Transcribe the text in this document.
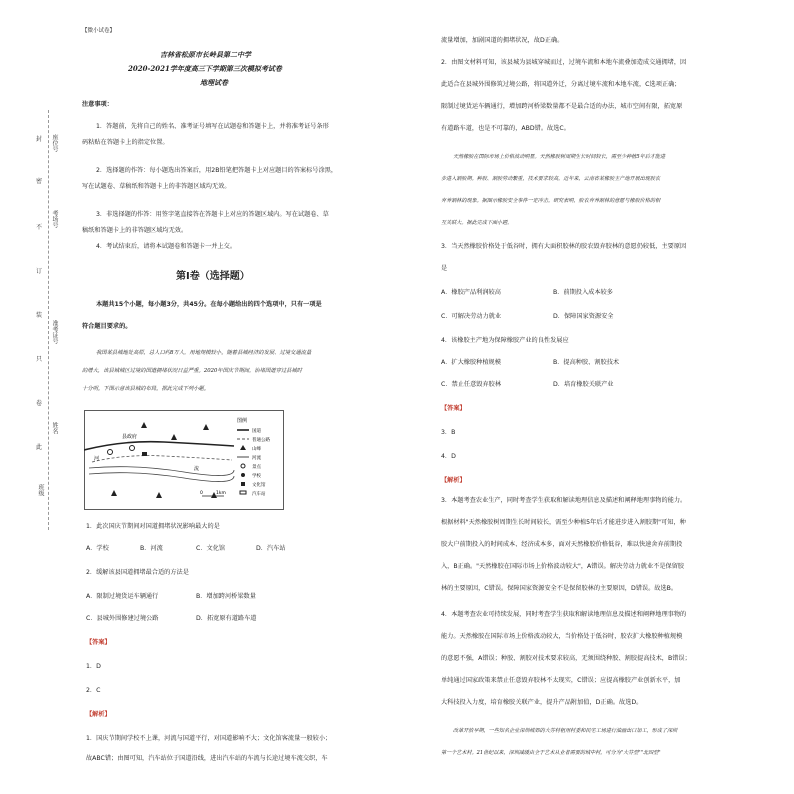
【微小试卷】
吉林省松原市长岭县第二中学
2020-2021学年度高三下学期第三次模拟考试卷
地理试卷
封
密
不
订
装
只
卷
此
座位号
考场号
准考证号
姓名
班级
注意事项：
1．答题前，先将自己的姓名、准考证号填写在试题卷和答题卡上，并将准考证号条形
码粘贴在答题卡上的指定位置。
2．选择题的作答：每小题选出答案后，用2B铅笔把答题卡上对应题目的答案标号涂黑，
写在试题卷、草稿纸和答题卡上的非答题区域均无效。
3．非选择题的作答：用签字笔直接答在答题卡上对应的答题区域内。写在试题卷、草
稿纸和答题卡上的非答题区域均无效。
4．考试结束后，请将本试题卷和答题卡一并上交。
第Ⅰ卷（选择题）
本题共15个小题，每小题3分，共45分。在每小题给出的四个选项中，只有一项是
符合题目要求的。
我国某县城地处高原，总人口约8万人，用地规模较小。随着县城经济的发展、过境交通流量
的增大，该县城城区过境的国道拥堵状况日益严重。2020年国庆节期间，治堵国道穿过县城时
十分明。下图示意该县城的布局。据此完成下列小题。
县政府
河
流
0	1km
图例
国道
普通公路
山峰
河流
景点
学校
文化馆
汽车站
1．此次国庆节期间对国道拥堵状况影响最大的是
A．学校	B．河流	C．文化馆	D．汽车站
2．缓解该县国道拥堵最合适的方法是
A．限制过境货运车辆通行	B．增加跨河桥梁数量
C．县城外围修建过境公路	D．拓宽原有道路车道
【答案】
1．D
2．C
【解析】
1．国庆节期间学校不上课，河流与国道平行，对国道影响不大；文化馆客流量一般较小；
故ABC错；由图可知，汽车站位于国道沿线，进出汽车站的车流与长途过境车流交织，车
流量增加，加剧国道的拥堵状况，故D正确。
2．由图文材料可知，该县城为县城穿城而过，过境车流和本地车流叠加造成交通拥堵，因
此适合在县城外围修筑过境公路，将国道外迁，分离过境车流和本地车流，C选项正确；
限制过境货运车辆通行，增加跨河桥梁数量都不是最合适的办法，城市空间有限，拓宽原
有道路车道，也是不可靠的，ABD错。故选C。
天然橡胶在国际市场上价格波动明显。天然橡胶树周期生长时间较长，需至少种植5年后才能进
步进入割胶期。种胶、割胶劳动繁重，技术要求较高。近年来，云南省某橡胶主产地开展出现胶农
弃养割林的现象。据图示橡胶安全事件一定冲击。研究表明，胶农弃养割林的意愿与橡胶价格的相
互关联大。据此完成下面小题。
3．当天然橡胶价格处于低谷时，拥有大面积胶林的胶农毁弃胶林的意愿仍较低，主要原因
是
A．橡胶产品利润较高	B．前期投入成本较多
C．可解决劳动力就业	D．保障国家资源安全
4．该橡胶主产地为保障橡胶产业的良性发展应
A．扩大橡胶种植规模	B．提高种胶、割胶技术
C．禁止任意毁弃胶林	D．培育橡胶关联产业
【答案】
3．B
4．D
【解析】
3．本题考查农业生产，同时考查学生获取和解读地理信息及描述和阐释地理事物的能力。
根据材料"天然橡胶树周期生长时间较长，需至少种植5年后才能进步进入割胶期"可知，种
胶大户前期投入的时间成本、经济成本多，面对天然橡胶价格低谷，难以快速舍弃前期投
入，B正确。"天然橡胶在国际市场上价格波动较大"，A错误。解决劳动力就业不是保留胶
林的主要原因，C错误。保障国家资源安全不是保留胶林的主要原因，D错误。故选B。
4．本题考查农业可持续发展，同时考查学生获取和解读地理信息及描述和阐释地理事物的
能力。天然橡胶在国际市场上价格波动较大，当价格处于低谷时，胶农扩大橡胶种植规模
的意愿不强，A错误；种胶、割胶对技术要求较高，无须围绕种胶、割胶提高技术，B错误；
单纯通过国家政策来禁止任意毁弃胶林不太现实，C错误；应提高橡胶产业创新水平，加
大科技投入力度，培育橡胶关联产业，提升产品附加值，D正确。故选D。
改革开放早期，一些知名企业深圳城郊的大芬村租用村委和民宅工场进行油画出口加工，形成了深圳
第一个艺术村。21世纪以来，深圳减缓由全于艺术从业者需要的城中村，可分为"大芬型""北四型"
